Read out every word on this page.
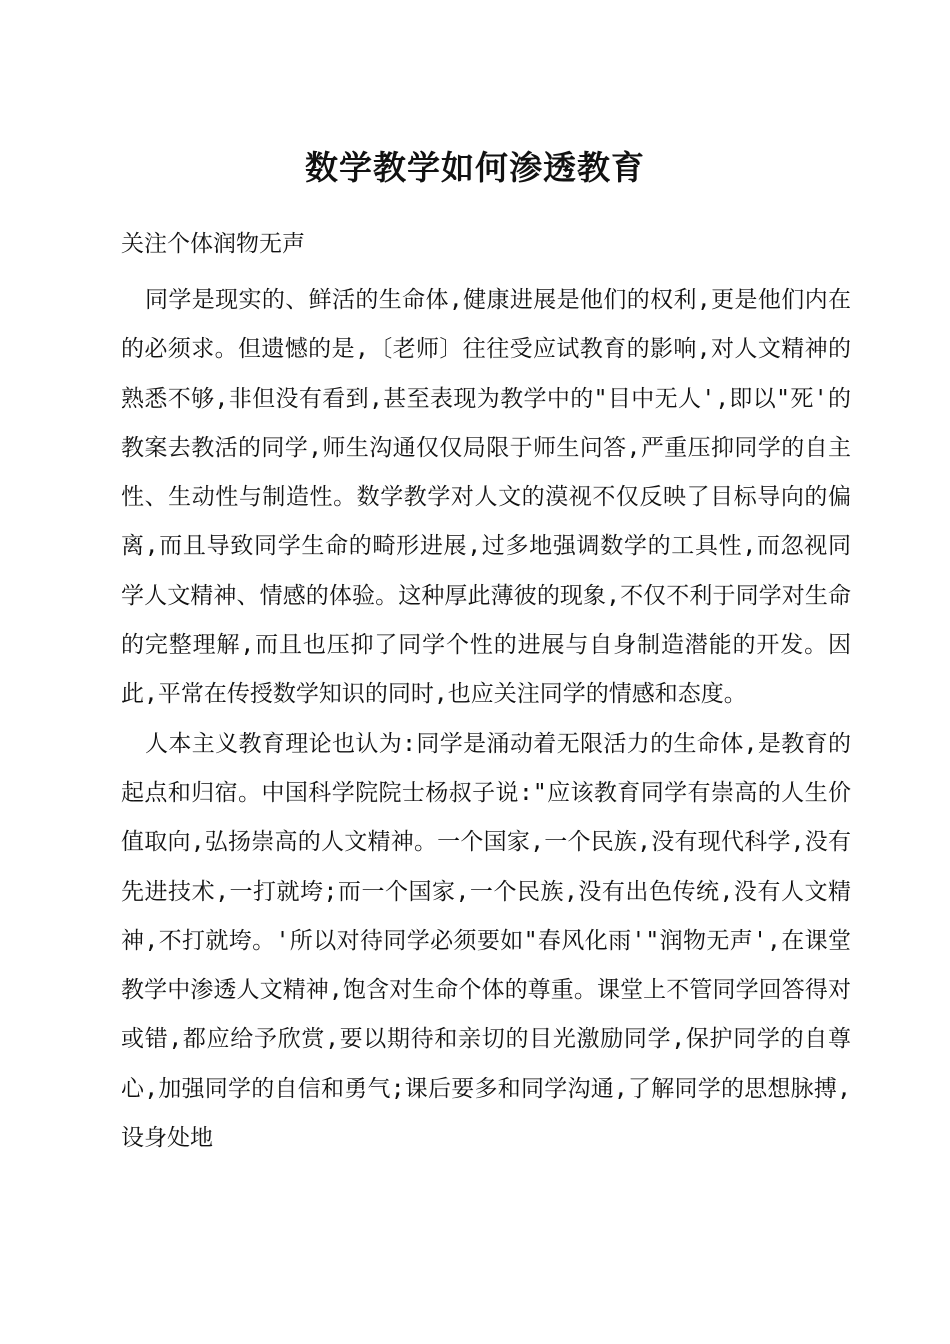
数学教学如何渗透教育
关注个体润物无声

同学是现实的、鲜活的生命体,健康进展是他们的权利,更是他们内在的必须求。但遗憾的是,〔老师〕往往受应试教育的影响,对人文精神的熟悉不够,非但没有看到,甚至表现为教学中的"目中无人',即以"死'的教案去教活的同学,师生沟通仅仅局限于师生问答,严重压抑同学的自主性、生动性与制造性。数学教学对人文的漠视不仅反映了目标导向的偏离,而且导致同学生命的畸形进展,过多地强调数学的工具性,而忽视同学人文精神、情感的体验。这种厚此薄彼的现象,不仅不利于同学对生命的完整理解,而且也压抑了同学个性的进展与自身制造潜能的开发。因此,平常在传授数学知识的同时,也应关注同学的情感和态度。

人本主义教育理论也认为:同学是涌动着无限活力的生命体,是教育的起点和归宿。中国科学院院士杨叔子说:"应该教育同学有崇高的人生价值取向,弘扬崇高的人文精神。一个国家,一个民族,没有现代科学,没有先进技术,一打就垮;而一个国家,一个民族,没有出色传统,没有人文精神,不打就垮。'所以对待同学必须要如"春风化雨'"润物无声',在课堂教学中渗透人文精神,饱含对生命个体的尊重。课堂上不管同学回答得对或错,都应给予欣赏,要以期待和亲切的目光激励同学,保护同学的自尊心,加强同学的自信和勇气;课后要多和同学沟通,了解同学的思想脉搏,设身处地
